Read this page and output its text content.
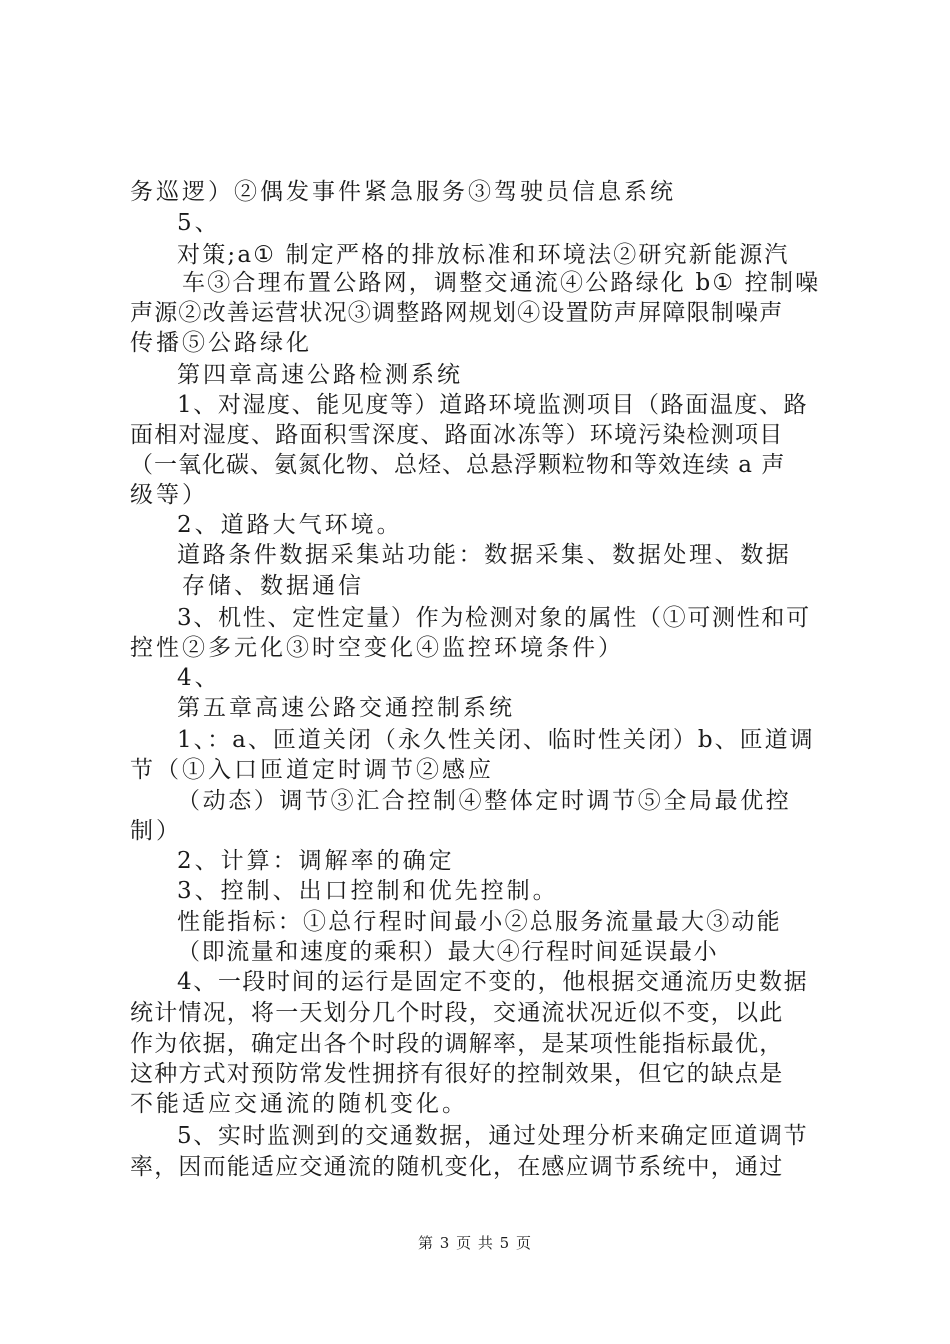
务巡逻）②偶发事件紧急服务③驾驶员信息系统
5、
对策;a① 制定严格的排放标准和环境法②研究新能源汽
车③合理布置公路网，调整交通流④公路绿化 b① 控制噪
声源②改善运营状况③调整路网规划④设置防声屏障限制噪声
传播⑤公路绿化
第四章高速公路检测系统
1、对湿度、能见度等）道路环境监测项目（路面温度、路
面相对湿度、路面积雪深度、路面冰冻等）环境污染检测项目
（一氧化碳、氨氮化物、总烃、总悬浮颗粒物和等效连续 a 声
级等）
2、道路大气环境。
道路条件数据采集站功能：数据采集、数据处理、数据
存储、数据通信
3、机性、定性定量）作为检测对象的属性（①可测性和可
控性②多元化③时空变化④监控环境条件）
4、
第五章高速公路交通控制系统
1、：a、匝道关闭（永久性关闭、临时性关闭）b、匝道调
节（①入口匝道定时调节②感应
（动态）调节③汇合控制④整体定时调节⑤全局最优控
制）
2、计算：调解率的确定
3、控制、出口控制和优先控制。
性能指标：①总行程时间最小②总服务流量最大③动能
（即流量和速度的乘积）最大④行程时间延误最小
4、一段时间的运行是固定不变的，他根据交通流历史数据
统计情况，将一天划分几个时段，交通流状况近似不变，以此
作为依据，确定出各个时段的调解率，是某项性能指标最优，
这种方式对预防常发性拥挤有很好的控制效果，但它的缺点是
不能适应交通流的随机变化。
5、实时监测到的交通数据，通过处理分析来确定匝道调节
率，因而能适应交通流的随机变化，在感应调节系统中，通过
第 3 页 共 5 页
